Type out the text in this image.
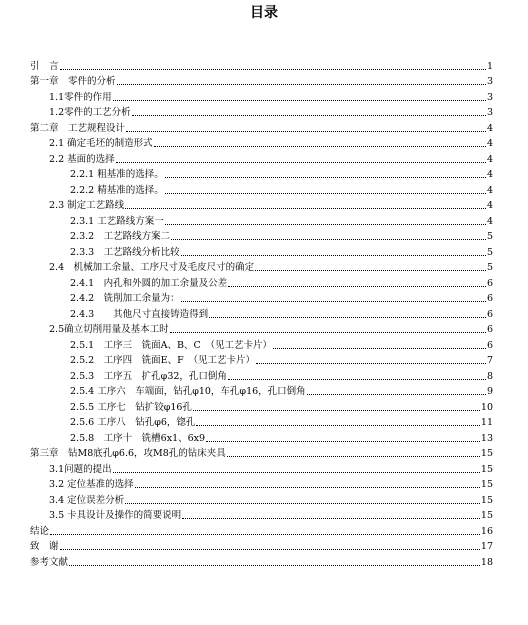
目录
引　言	1
第一章　零件的分析	3
1.1零件的作用	3
1.2零件的工艺分析	3
第二章　工艺规程设计	4
2.1 确定毛坯的制造形式	4
2.2 基面的选择	4
2.2.1 粗基准的选择。	4
2.2.2 精基准的选择。	4
2.3 制定工艺路线	4
2.3.1 工艺路线方案一	4
2.3.2　工艺路线方案二	5
2.3.3　工艺路线分析比较	5
2.4　机械加工余量、工序尺寸及毛皮尺寸的确定	5
2.4.1　内孔和外圆的加工余量及公差	6
2.4.2　铣削加工余量为：	6
2.4.3　　其他尺寸直接铸造得到	6
2.5确立切削用量及基本工时	6
2.5.1　工序三　铣面A、B、C　（见工艺卡片）	6
2.5.2　工序四　铣面E、F　（见工艺卡片）	7
2.5.3　工序五　扩孔φ32，孔口倒角	8
2.5.4 工序六　车端面，钻孔φ10，车孔φ16，孔口倒角	9
2.5.5 工序七　钻扩铰φ16孔	10
2.5.6 工序八　钻孔φ6，锪孔	11
2.5.8　工序十　铣槽6x1、6x9	13
第三章　钻M8底孔φ6.6，攻M8孔的钻床夹具	15
3.1问题的提出	15
3.2 定位基准的选择	15
3.4 定位误差分析	15
3.5 卡具设计及操作的简要说明	15
结论	16
致　谢	17
参考文献	18
